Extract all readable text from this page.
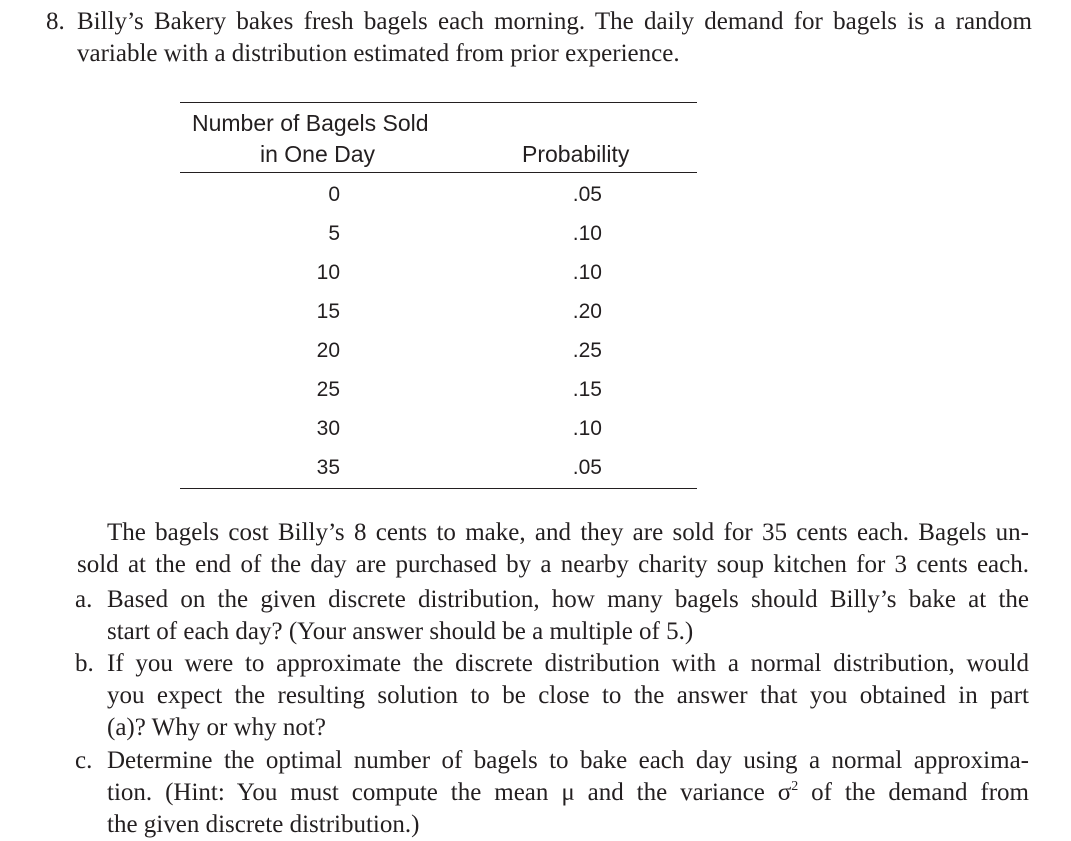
8. Billy’s Bakery bakes fresh bagels each morning. The daily demand for bagels is a random
variable with a distribution estimated from prior experience.
Number of Bagels Sold
in One Day	Probability
0	.05
5	.10
10	.10
15	.20
20	.25
25	.15
30	.10
35	.05
The bagels cost Billy’s 8 cents to make, and they are sold for 35 cents each. Bagels un-
sold at the end of the day are purchased by a nearby charity soup kitchen for 3 cents each.
a. Based on the given discrete distribution, how many bagels should Billy’s bake at the
start of each day? (Your answer should be a multiple of 5.)
b. If you were to approximate the discrete distribution with a normal distribution, would
you expect the resulting solution to be close to the answer that you obtained in part
(a)? Why or why not?
c. Determine the optimal number of bagels to bake each day using a normal approxima-
tion. (Hint: You must compute the mean μ and the variance $\sigma^2$ of the demand from
the given discrete distribution.)
